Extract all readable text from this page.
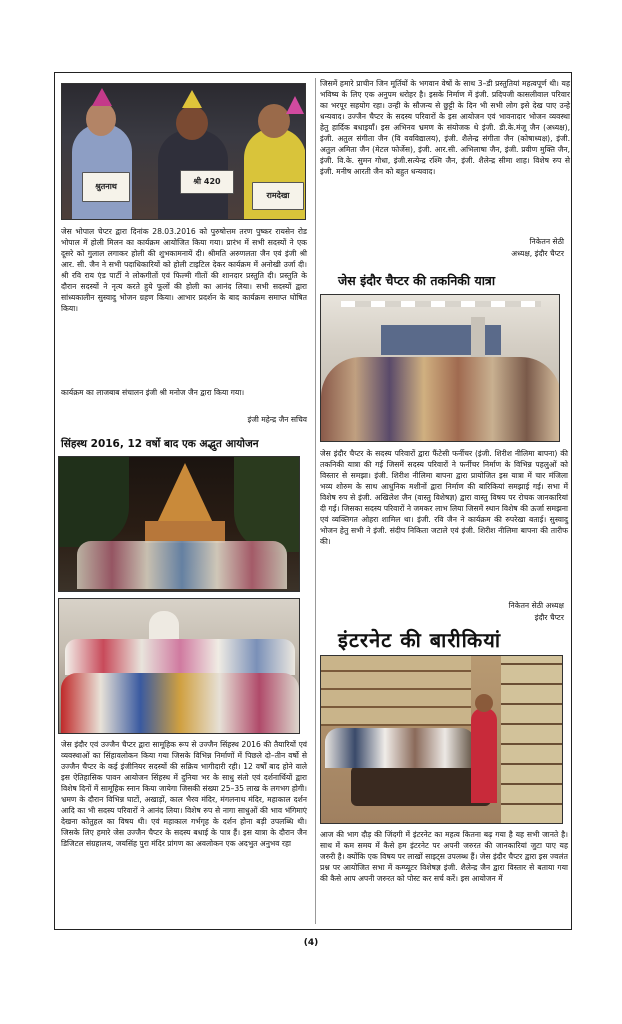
श्रुतनाथ
श्री 420
रामदेखा

जेस भोपाल चेप्टर द्वारा दिनांक 28.03.2016 को पुरुषोत्तम तरण पुष्कर रायसेन रोड भोपाल में होली मिलन का कार्यक्रम आयोजित किया गया। प्रारंभ में सभी सदस्यों ने एक दूसरे को गुलाल लगाकर होली की शुभकामनायें दी। श्रीमति अरुणलता जैन एवं इंजी श्री आर. सी. जैन ने सभी पदाधिकारियों को होली टाइटिल देकर कार्यक्रम में अनोखी उर्जा दी। श्री रवि राय एंड पार्टी ने लोकगीतों एवं फिल्मी गीतों की शानदार प्रस्तुति दी। प्रस्तुति के दौरान सदस्यों ने नृत्य करते हुये फूलों की होली का आनंद लिया। सभी सदस्यों द्वारा सांध्यकालीन सुस्वादु भोजन ग्रहण किया। आभार प्रदर्शन के बाद कार्यक्रम समाप्त घोषित किया।

कार्यक्रम का लाजबाब संचालन इंजी श्री मनोज जैन द्वारा किया गया।

इंजी महेन्द्र जैन सचिव
सिंहस्थ 2016, 12 वर्षो बाद एक अद्भुत आयोजन

जेस इंदौर एवं उज्जैन चैप्टर द्वारा सामूहिक रूप से उज्जैन सिंहस्थ 2016 की तैयारियों एवं व्यवस्थाओं का सिंहावलोकन किया गया जिसके विभिन्न निर्माणों में पिछले दो–तीन वर्षो से उज्जैन चैप्टर के कई इंजीनियर सदस्यों की सक्रिय भागीदारी रही। 12 वर्षों बाद होने वाले इस ऐतिहासिक पावन आयोजन सिंहस्थ में दुनिया भर के साधु संतो एवं दर्शनार्थियों द्वारा विशेष दिनों में सामूहिक स्नान किया जायेगा जिसकी संख्या 25–35 लाख के लगभग होगी। भ्रमण के दौरान विभिन्न घाटों, अखाड़ों, काल भैरव मंदिर, मंगलनाथ मंदिर, महाकाल दर्शन आदि का भी सदस्य परिवारों ने आनंद लिया। विशेष रुप से नागा साधुओं की भाव भंगिमाएं देखना कोतुहल का विषय थी। एवं महाकाल गर्भगृह के दर्शन होना बड़ी उपलब्धि थी। जिसके लिए हमारे जेस उज्जैन चैप्टर के सदस्य बधाई के पात्र हैं। इस यात्रा के दौरान जैन डिजिटल संग्रहालय, जयसिंह पुरा मंदिर प्रांगण का अवलोकन एक अदभुत अनुभव रहा

जिसमें हमारे प्राचीन जिन मूर्तियों के भगवान वेषों के साथ 3–डी प्रस्तुतियां महत्वपूर्ण थी। यह भविष्य के लिए एक अनुपम धरोहर है। इसके निर्माण में इंजी. प्रदिपजी कासलीवाल परिवार का भरपूर सहयोग रहा। उन्ही के सौजन्य से छुट्टी के दिन भी सभी लोग इसे देख पाए उन्हे धन्यवाद। उज्जैन चैप्टर के सदस्य परिवारों के इस आयोजन एवं भावनादार भोजन व्यवस्था हेतु हार्दिक बधाइयाँ। इस अभिनव भ्रमण के संयोजक थे इंजी. डी.के.मंजू जैन (अध्यक्ष), इंजी. अतुल संगीता जैन (वि ववविद्यालय), इंजी. शैलेन्द्र संगीता जैन (कोषाध्यक्ष), इंजी. अतुल अमिता जैन (मेटल फोर्जेस), इंजी. आर.सी. अभिलाषा जैन, इंजी. प्रवीण मुक्ति जैन, इंजी. वि.के. सुमन गोधा, इंजी.सत्येन्द्र रश्मि जैन, इंजी. शैलेन्द्र सीमा शाह। विशेष रुप से इंजी. मनीष आरती जैन को बहुत धन्यवाद।

निकेतन सेठी
अध्यक्ष, इंदौर चैप्टर
जेस इंदौर चैप्टर की तकनिकी यात्रा

जेस इंदौर चैप्टर के सदस्य परिवारों द्वारा फैंटेसी फर्नीचर (इंजी. शिरीश नीलिमा बापना) की तकनिकी यात्रा की गई जिसमें सदस्य परिवारों ने फर्नीचर निर्माण के विभिन्न पहलुओं को विस्तार से समझा। इंजी. शिरीश नीलिमा बापना द्वारा प्रायोजित इस यात्रा में चार मंजिला भव्य शोरुम के साथ आधुनिक मशीनों द्वारा निर्माण की बारिकियां समझाई गई। सभा में विशेष रुप से इंजी. अखिलेश जैन (वास्तु विशेषज्ञ) द्वारा वास्तु विषय पर रोचक जानकारियां दी गई। जिसका सदस्य परिवारों ने जमकर लाभ लिया जिसमें स्थान विशेष की ऊर्जा समझना एवं व्यक्तिगत ओहरा शामिल था। इंजी. रवि जैन ने कार्यक्रम की रुपरेखा बताई। सुस्वादु भोजन हेतु सभी ने इंजी. संदीप निकिता जटाले एवं इंजी. शिरीश नीलिमा बापना की तारीफ की।

निकेतन सेठी अध्यक्ष
इंदौर चैप्टर
इंटरनेट की बारीकियां

आज की भाग दौड़ की जिंदगी में इंटरनेट का महत्व कितना बढ़ गया है यह सभी जानते है। साथ में कम समय में कैसे हम इंटरनेट पर अपनी जरुरत की जानकारियां जुटा पाए यह जरुरी है। क्योंकि एक विषय पर लाखों साइट्स उपलब्ध हैं। जेस इंदौर चैप्टर द्वारा इस ज्वलंत प्रश्न पर आयोजित सभा में कम्प्यूटर विशेषज्ञ इंजी. शैलेन्द्र जैन द्वारा विस्तार से बताया गया की कैसे आप अपनी जरुरत को पोस्ट कर सर्च करें। इस आयोजन में

(4)
